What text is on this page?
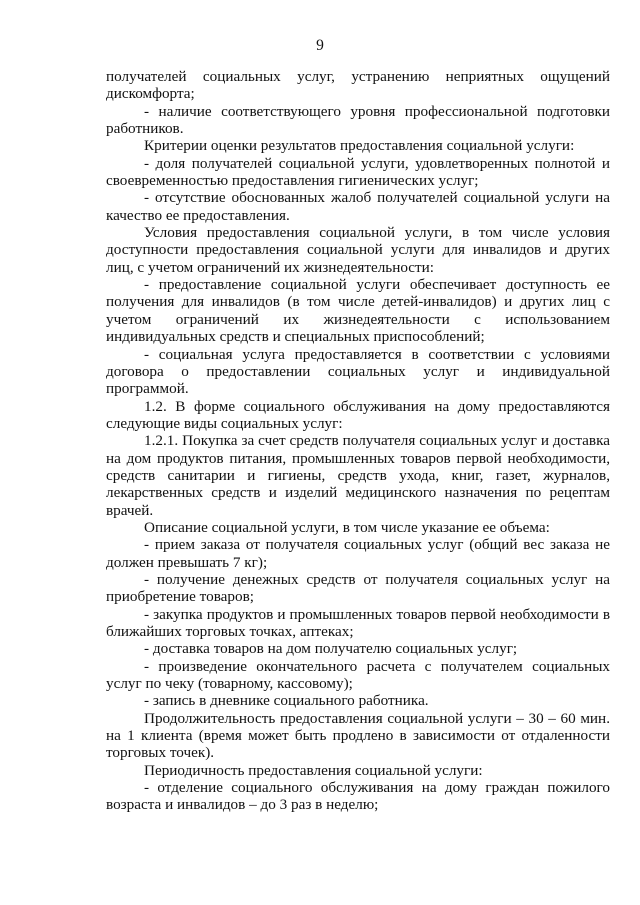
9

получателей социальных услуг, устранению неприятных ощущений дискомфорта;

- наличие соответствующего уровня профессиональной подготовки работников.

Критерии оценки результатов предоставления социальной услуги:

- доля получателей социальной услуги, удовлетворенных полнотой и своевременностью предоставления гигиенических услуг;

- отсутствие обоснованных жалоб получателей социальной услуги на качество ее предоставления.

Условия предоставления социальной услуги, в том числе условия доступности предоставления социальной услуги для инвалидов и других лиц, с учетом ограничений их жизнедеятельности:

- предоставление социальной услуги обеспечивает доступность ее получения для инвалидов (в том числе детей-инвалидов) и других лиц с учетом ограничений их жизнедеятельности с использованием индивидуальных средств и специальных приспособлений;

- социальная услуга предоставляется в соответствии с условиями договора о предоставлении социальных услуг и индивидуальной программой.

1.2. В форме социального обслуживания на дому предоставляются следующие виды социальных услуг:

1.2.1. Покупка за счет средств получателя социальных услуг и доставка на дом продуктов питания, промышленных товаров первой необходимости, средств санитарии и гигиены, средств ухода, книг, газет, журналов, лекарственных средств и изделий медицинского назначения по рецептам врачей.

Описание социальной услуги, в том числе указание ее объема:

- прием заказа от получателя социальных услуг (общий вес заказа не должен превышать 7 кг);

- получение денежных средств от получателя социальных услуг на приобретение товаров;

- закупка продуктов и промышленных товаров первой необходимости в ближайших торговых точках, аптеках;

- доставка товаров на дом получателю социальных услуг;

- произведение окончательного расчета с получателем социальных услуг по чеку (товарному, кассовому);

- запись в дневнике социального работника.

Продолжительность предоставления социальной услуги – 30 – 60 мин. на 1 клиента (время может быть продлено в зависимости от отдаленности торговых точек).

Периодичность предоставления социальной услуги:

- отделение социального обслуживания на дому граждан пожилого возраста и инвалидов – до 3 раз в неделю;
